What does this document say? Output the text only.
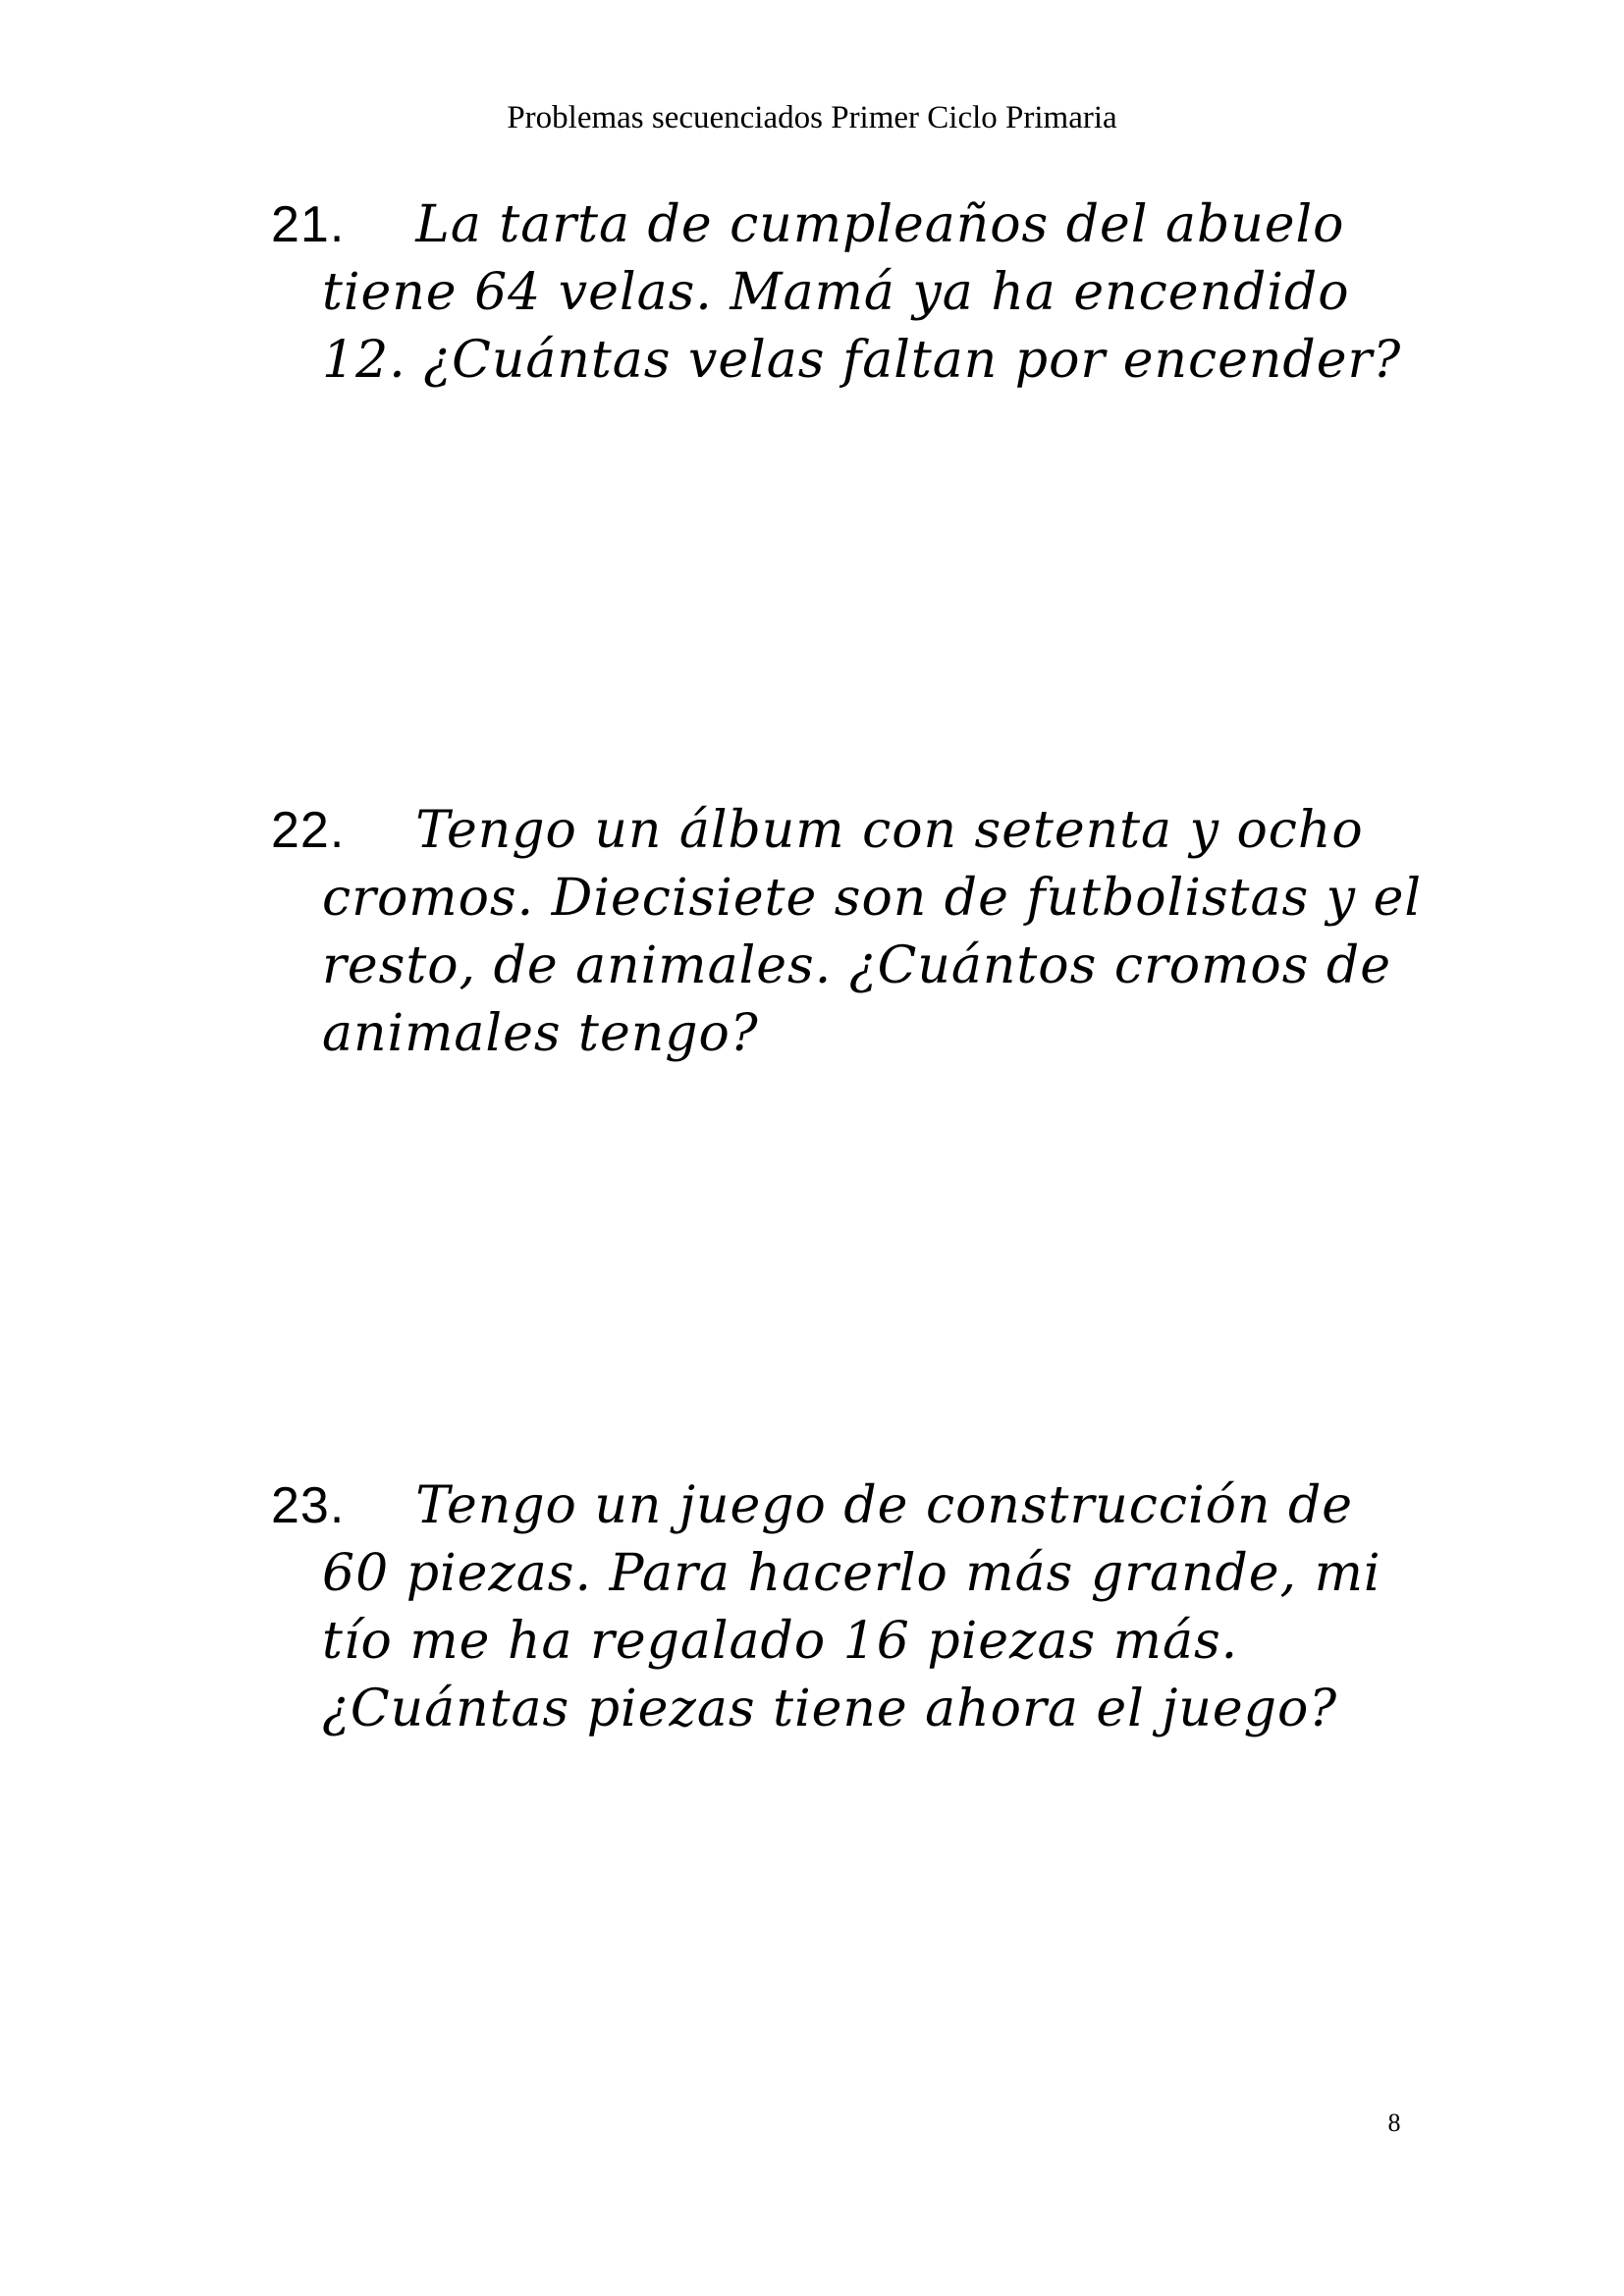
Problemas secuenciados Primer Ciclo Primaria
21. La tarta de cumpleaños del abuelo
tiene 64 velas. Mamá ya ha encendido
12. ¿Cuántas velas faltan por encender?
22. Tengo un álbum con setenta y ocho
cromos. Diecisiete son de futbolistas y el
resto, de animales. ¿Cuántos cromos de
animales tengo?
23. Tengo un juego de construcción de
60 piezas. Para hacerlo más grande, mi
tío me ha regalado 16 piezas más.
¿Cuántas piezas tiene ahora el juego?
8
